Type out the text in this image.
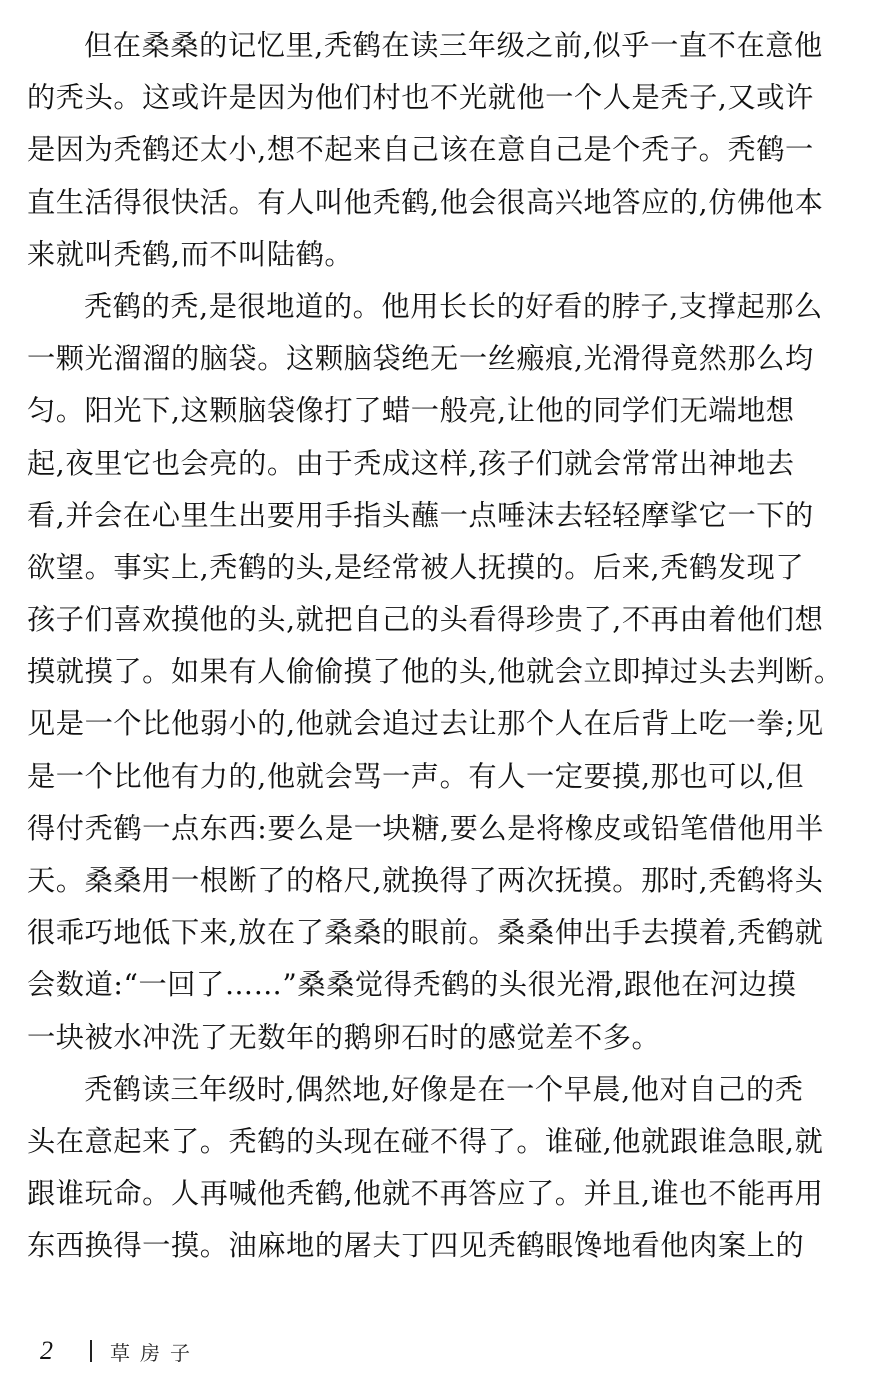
但在桑桑的记忆里,秃鹤在读三年级之前,似乎一直不在意他
的秃头。这或许是因为他们村也不光就他一个人是秃子,又或许
是因为秃鹤还太小,想不起来自己该在意自己是个秃子。秃鹤一
直生活得很快活。有人叫他秃鹤,他会很高兴地答应的,仿佛他本
来就叫秃鹤,而不叫陆鹤。
秃鹤的秃,是很地道的。他用长长的好看的脖子,支撑起那么
一颗光溜溜的脑袋。这颗脑袋绝无一丝瘢痕,光滑得竟然那么均
匀。阳光下,这颗脑袋像打了蜡一般亮,让他的同学们无端地想
起,夜里它也会亮的。由于秃成这样,孩子们就会常常出神地去
看,并会在心里生出要用手指头蘸一点唾沫去轻轻摩挲它一下的
欲望。事实上,秃鹤的头,是经常被人抚摸的。后来,秃鹤发现了
孩子们喜欢摸他的头,就把自己的头看得珍贵了,不再由着他们想
摸就摸了。如果有人偷偷摸了他的头,他就会立即掉过头去判断。
见是一个比他弱小的,他就会追过去让那个人在后背上吃一拳;见
是一个比他有力的,他就会骂一声。有人一定要摸,那也可以,但
得付秃鹤一点东西:要么是一块糖,要么是将橡皮或铅笔借他用半
天。桑桑用一根断了的格尺,就换得了两次抚摸。那时,秃鹤将头
很乖巧地低下来,放在了桑桑的眼前。桑桑伸出手去摸着,秃鹤就
会数道:“一回了……”桑桑觉得秃鹤的头很光滑,跟他在河边摸
一块被水冲洗了无数年的鹅卵石时的感觉差不多。
秃鹤读三年级时,偶然地,好像是在一个早晨,他对自己的秃
头在意起来了。秃鹤的头现在碰不得了。谁碰,他就跟谁急眼,就
跟谁玩命。人再喊他秃鹤,他就不再答应了。并且,谁也不能再用
东西换得一摸。油麻地的屠夫丁四见秃鹤眼馋地看他肉案上的
2	草房子
